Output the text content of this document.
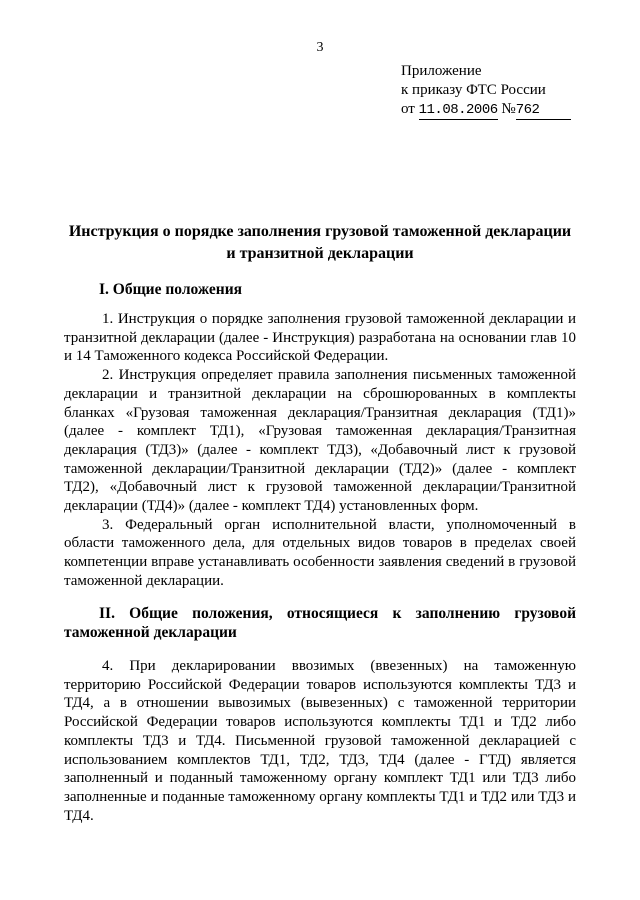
3
Приложение
к приказу ФТС России
от 11.08.2006 №762
Инструкция о порядке заполнения грузовой таможенной декларации и транзитной декларации
I. Общие положения

1. Инструкция о порядке заполнения грузовой таможенной декларации и транзитной декларации (далее - Инструкция) разработана на основании глав 10 и 14 Таможенного кодекса Российской Федерации.

2. Инструкция определяет правила заполнения письменных таможенной декларации и транзитной декларации на сброшюрованных в комплекты бланках «Грузовая таможенная декларация/Транзитная декларация (ТД1)» (далее - комплект ТД1), «Грузовая таможенная декларация/Транзитная декларация (ТД3)» (далее - комплект ТД3), «Добавочный лист к грузовой таможенной декларации/Транзитной декларации (ТД2)» (далее - комплект ТД2), «Добавочный лист к грузовой таможенной декларации/Транзитной декларации (ТД4)» (далее - комплект ТД4) установленных форм.

3. Федеральный орган исполнительной власти, уполномоченный в области таможенного дела, для отдельных видов товаров в пределах своей компетенции вправе устанавливать особенности заявления сведений в грузовой таможенной декларации.

II. Общие положения, относящиеся к заполнению грузовой таможенной декларации

4. При декларировании ввозимых (ввезенных) на таможенную территорию Российской Федерации товаров используются комплекты ТД3 и ТД4, а в отношении вывозимых (вывезенных) с таможенной территории Российской Федерации товаров используются комплекты ТД1 и ТД2 либо комплекты ТД3 и ТД4. Письменной грузовой таможенной декларацией с использованием комплектов ТД1, ТД2, ТД3, ТД4 (далее - ГТД) является заполненный и поданный таможенному органу комплект ТД1 или ТД3 либо заполненные и поданные таможенному органу комплекты ТД1 и ТД2 или ТД3 и ТД4.
